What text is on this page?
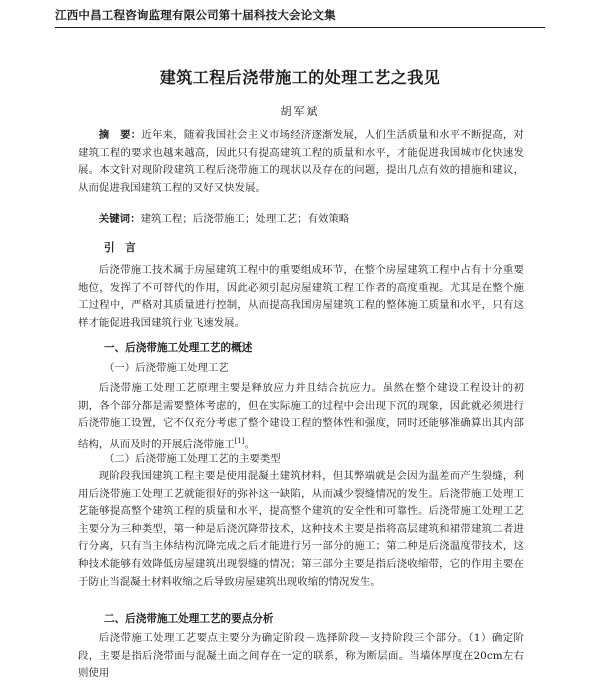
江西中昌工程咨询监理有限公司第十届科技大会论文集
建筑工程后浇带施工的处理工艺之我见
胡军斌
摘　要：近年来，随着我国社会主义市场经济逐渐发展，人们生活质量和水平不断提高，对建筑工程的要求也越来越高，因此只有提高建筑工程的质量和水平，才能促进我国城市化快速发展。本文针对现阶段建筑工程后浇带施工的现状以及存在的问题，提出几点有效的措施和建议，从而促进我国建筑工程的又好又快发展。
关键词：建筑工程；后浇带施工；处理工艺；有效策略
引　言

后浇带施工技术属于房屋建筑工程中的重要组成环节，在整个房屋建筑工程中占有十分重要地位，发挥了不可替代的作用，因此必须引起房屋建筑工程工作者的高度重视。尤其是在整个施工过程中，严格对其质量进行控制，从而提高我国房屋建筑工程的整体施工质量和水平，只有这样才能促进我国建筑行业飞速发展。

一、后浇带施工处理工艺的概述
（一）后浇带施工处理工艺

后浇带施工处理工艺原理主要是释放应力并且结合抗应力。虽然在整个建设工程设计的初期，各个部分都是需要整体考虑的，但在实际施工的过程中会出现下沉的现象，因此就必须进行后浇带施工设置，它不仅充分考虑了整个建设工程的整体性和强度，同时还能够准确算出其内部结构，从而及时的开展后浇带施工[1]。

（二）后浇带施工处理工艺的主要类型

现阶段我国建筑工程主要是使用混凝土建筑材料，但其弊端就是会因为温差而产生裂缝，利用后浇带施工处理工艺就能很好的弥补这一缺陷，从而减少裂缝情况的发生。后浇带施工处理工艺能够提高整个建筑工程的质量和水平，提高整个建筑的安全性和可靠性。后浇带施工处理工艺主要分为三种类型，第一种是后浇沉降带技术，这种技术主要是指将高层建筑和裙带建筑二者进行分离，只有当主体结构沉降完成之后才能进行另一部分的施工；第二种是后浇温度带技术，这种技术能够有效降低房屋建筑出现裂缝的情况；第三部分主要是指后浇收缩带，它的作用主要在于防止当混凝土材料收缩之后导致房屋建筑出现收缩的情况发生。

二、后浇带施工处理工艺的要点分析

后浇带施工处理工艺要点主要分为确定阶段－选择阶段－支持阶段三个部分。（1）确定阶段，主要是指后浇带面与混凝土面之间存在一定的联系，称为断层面。当墙体厚度在20cm左右则使用
